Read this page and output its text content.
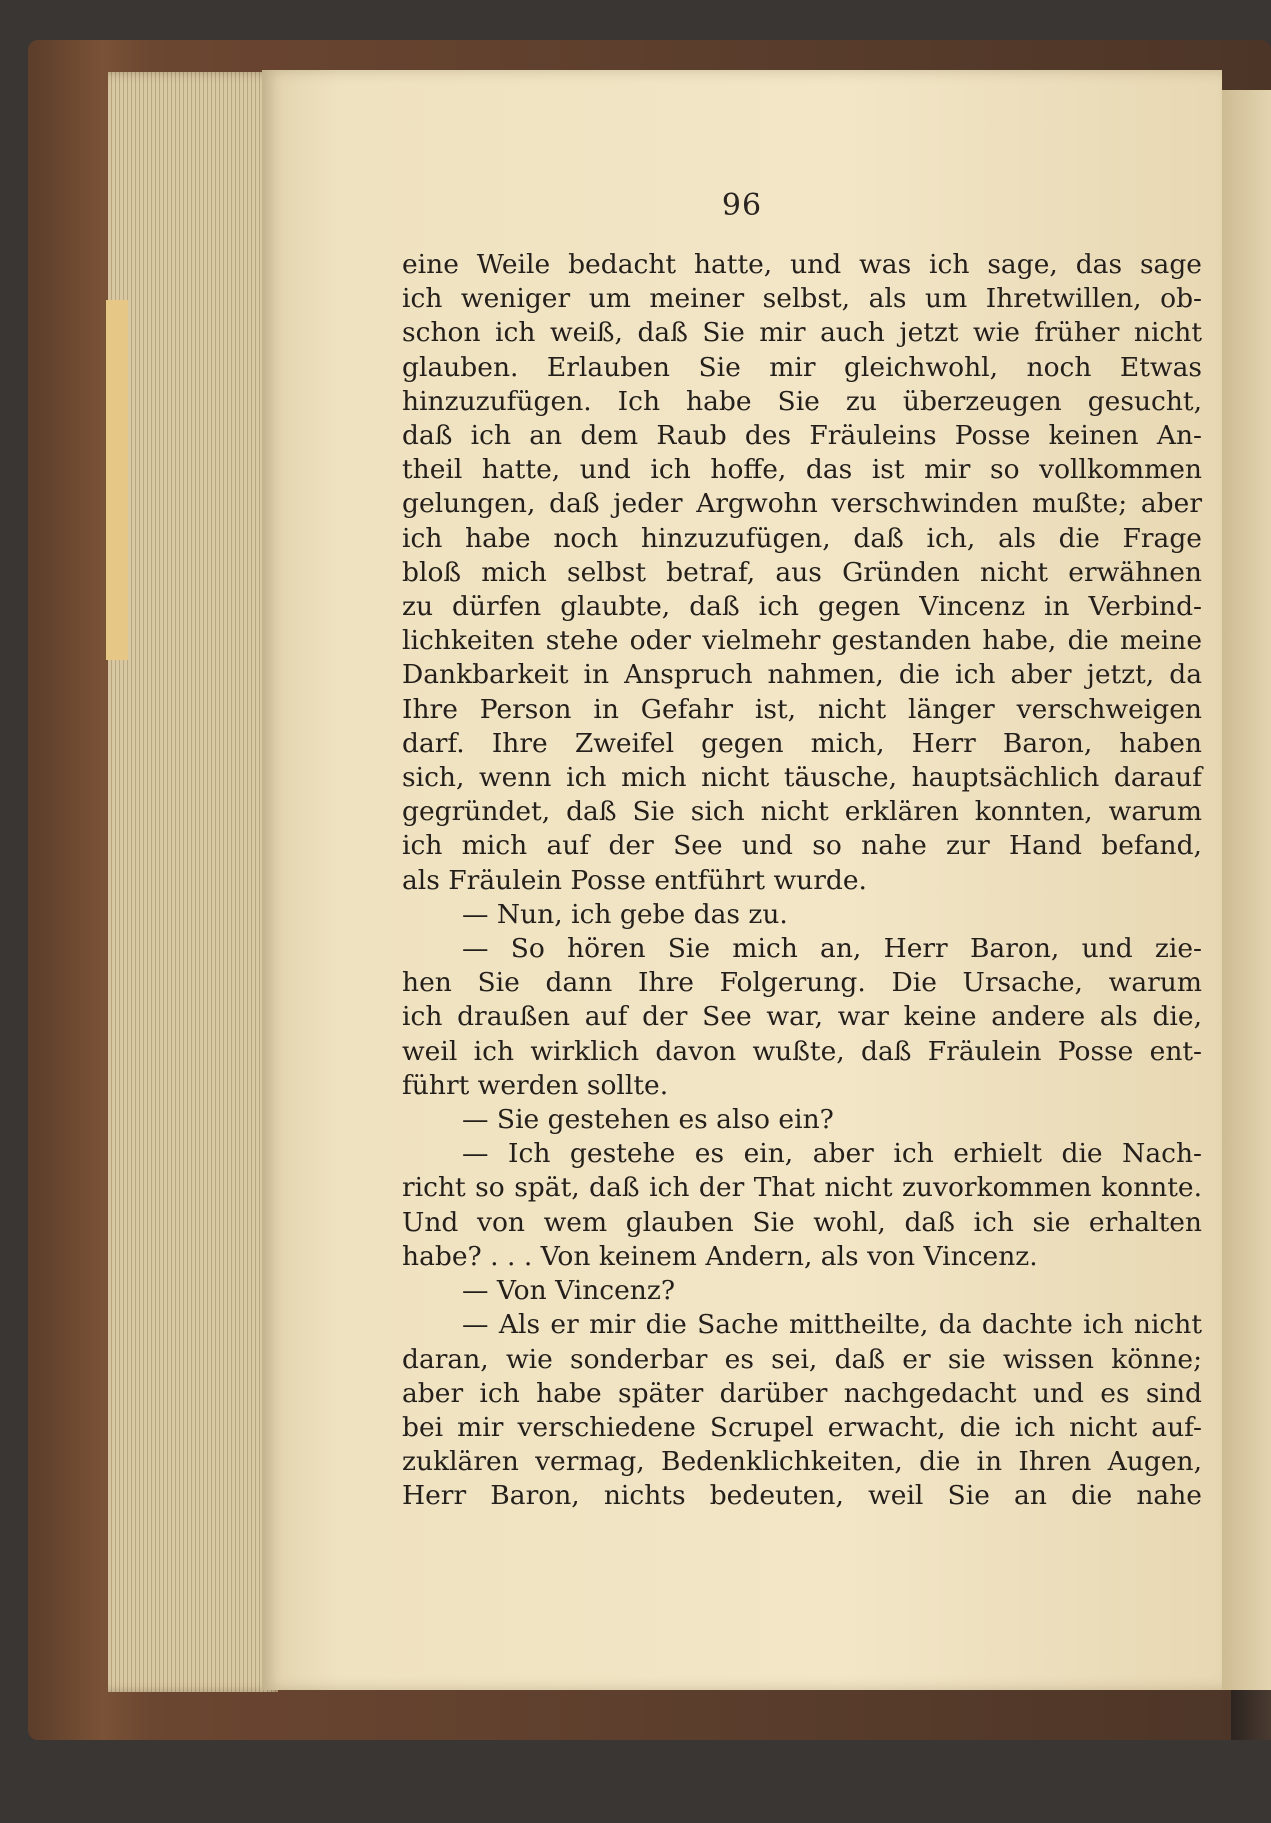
96
eine Weile bedacht hatte, und was ich sage, das sage
ich weniger um meiner selbst, als um Ihretwillen, ob-
schon ich weiß, daß Sie mir auch jetzt wie früher nicht
glauben. Erlauben Sie mir gleichwohl, noch Etwas
hinzuzufügen. Ich habe Sie zu überzeugen gesucht,
daß ich an dem Raub des Fräuleins Posse keinen An-
theil hatte, und ich hoffe, das ist mir so vollkommen
gelungen, daß jeder Argwohn verschwinden mußte; aber
ich habe noch hinzuzufügen, daß ich, als die Frage
bloß mich selbst betraf, aus Gründen nicht erwähnen
zu dürfen glaubte, daß ich gegen Vincenz in Verbind-
lichkeiten stehe oder vielmehr gestanden habe, die meine
Dankbarkeit in Anspruch nahmen, die ich aber jetzt, da
Ihre Person in Gefahr ist, nicht länger verschweigen
darf. Ihre Zweifel gegen mich, Herr Baron, haben
sich, wenn ich mich nicht täusche, hauptsächlich darauf
gegründet, daß Sie sich nicht erklären konnten, warum
ich mich auf der See und so nahe zur Hand befand,
als Fräulein Posse entführt wurde.
— Nun, ich gebe das zu.
— So hören Sie mich an, Herr Baron, und zie-
hen Sie dann Ihre Folgerung. Die Ursache, warum
ich draußen auf der See war, war keine andere als die,
weil ich wirklich davon wußte, daß Fräulein Posse ent-
führt werden sollte.
— Sie gestehen es also ein?
— Ich gestehe es ein, aber ich erhielt die Nach-
richt so spät, daß ich der That nicht zuvorkommen konnte.
Und von wem glauben Sie wohl, daß ich sie erhalten
habe? . . . Von keinem Andern, als von Vincenz.
— Von Vincenz?
— Als er mir die Sache mittheilte, da dachte ich nicht
daran, wie sonderbar es sei, daß er sie wissen könne;
aber ich habe später darüber nachgedacht und es sind
bei mir verschiedene Scrupel erwacht, die ich nicht auf-
zuklären vermag, Bedenklichkeiten, die in Ihren Augen,
Herr Baron, nichts bedeuten, weil Sie an die nahe
